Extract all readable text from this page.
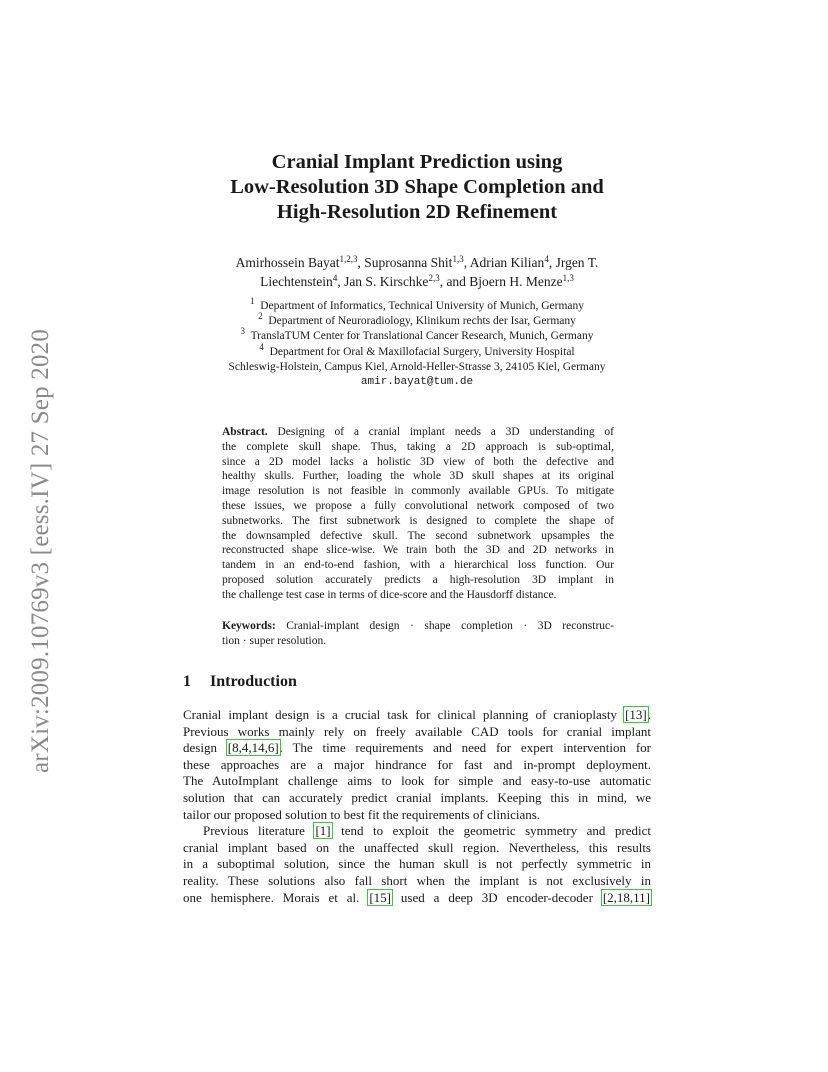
arXiv:2009.10769v3 [eess.IV] 27 Sep 2020
Cranial Implant Prediction using
Low-Resolution 3D Shape Completion and
High-Resolution 2D Refinement
Amirhossein Bayat$^{1,2,3}$, Suprosanna Shit$^{1,3}$, Adrian Kilian$^4$, Jrgen T.
Liechtenstein$^4$, Jan S. Kirschke$^{2,3}$, and Bjoern H. Menze$^{1,3}$
$^1$ Department of Informatics, Technical University of Munich, Germany
$^2$ Department of Neuroradiology, Klinikum rechts der Isar, Germany
$^3$ TranslaTUM Center for Translational Cancer Research, Munich, Germany
$^4$ Department for Oral & Maxillofacial Surgery, University Hospital
Schleswig-Holstein, Campus Kiel, Arnold-Heller-Strasse 3, 24105 Kiel, Germany
amir.bayat@tum.de
Abstract. Designing of a cranial implant needs a 3D understanding of
the complete skull shape. Thus, taking a 2D approach is sub-optimal,
since a 2D model lacks a holistic 3D view of both the defective and
healthy skulls. Further, loading the whole 3D skull shapes at its original
image resolution is not feasible in commonly available GPUs. To mitigate
these issues, we propose a fully convolutional network composed of two
subnetworks. The first subnetwork is designed to complete the shape of
the downsampled defective skull. The second subnetwork upsamples the
reconstructed shape slice-wise. We train both the 3D and 2D networks in
tandem in an end-to-end fashion, with a hierarchical loss function. Our
proposed solution accurately predicts a high-resolution 3D implant in
the challenge test case in terms of dice-score and the Hausdorff distance.
Keywords: Cranial-implant design · shape completion · 3D reconstruc-
tion · super resolution.
1 Introduction
Cranial implant design is a crucial task for clinical planning of cranioplasty [13].
Previous works mainly rely on freely available CAD tools for cranial implant
design [8,4,14,6]. The time requirements and need for expert intervention for
these approaches are a major hindrance for fast and in-prompt deployment.
The AutoImplant challenge aims to look for simple and easy-to-use automatic
solution that can accurately predict cranial implants. Keeping this in mind, we
tailor our proposed solution to best fit the requirements of clinicians.
Previous literature [1] tend to exploit the geometric symmetry and predict
cranial implant based on the unaffected skull region. Nevertheless, this results
in a suboptimal solution, since the human skull is not perfectly symmetric in
reality. These solutions also fall short when the implant is not exclusively in
one hemisphere. Morais et al. [15] used a deep 3D encoder-decoder [2,18,11]
